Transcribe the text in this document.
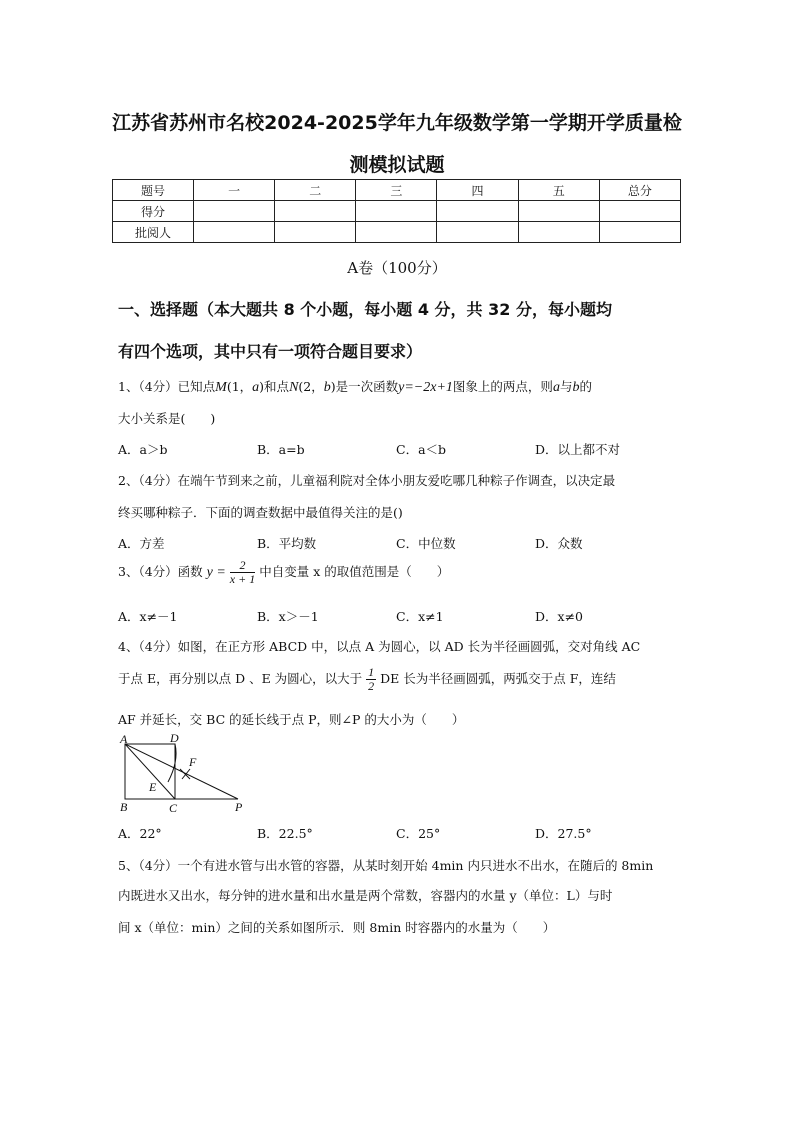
江苏省苏州市名校2024-2025学年九年级数学第一学期开学质量检
测模拟试题
题号	一	二	三	四	五	总分
得分						
批阅人						
A卷（100分）
一、选择题（本大题共 8 个小题，每小题 4 分，共 32 分，每小题均
有四个选项，其中只有一项符合题目要求）
1、（4分）已知点M(1，a)和点N(2，b)是一次函数y=−2x+1图象上的两点，则a与b的
大小关系是(　　)
A．a＞b	B．a=b	C．a＜b	D．以上都不对
2、（4分）在端午节到来之前，儿童福利院对全体小朋友爱吃哪几种粽子作调查，以决定最
终买哪种粽子．下面的调查数据中最值得关注的是()
A．方差	B．平均数	C．中位数	D．众数
3、（4分）函数 $y = \frac{2}{x + 1}$ 中自变量 x 的取值范围是（　　）
A．x≠－1	B．x＞－1	C．x≠1	D．x≠0
4、（4分）如图，在正方形 ABCD 中，以点 A 为圆心，以 AD 长为半径画圆弧，交对角线 AC
于点 E，再分别以点 D 、E 为圆心，以大于 $\frac{1}{2}$ DE 长为半径画圆弧，两弧交于点 F，连结
AF 并延长，交 BC 的延长线于点 P，则∠P 的大小为（　　）
A	D
F
E
B	C	P
A．22°	B．22.5°	C．25°	D．27.5°
5、（4分）一个有进水管与出水管的容器，从某时刻开始 4min 内只进水不出水，在随后的 8min
内既进水又出水，每分钟的进水量和出水量是两个常数，容器内的水量 y（单位：L）与时
间 x（单位：min）之间的关系如图所示．则 8min 时容器内的水量为（　　）
